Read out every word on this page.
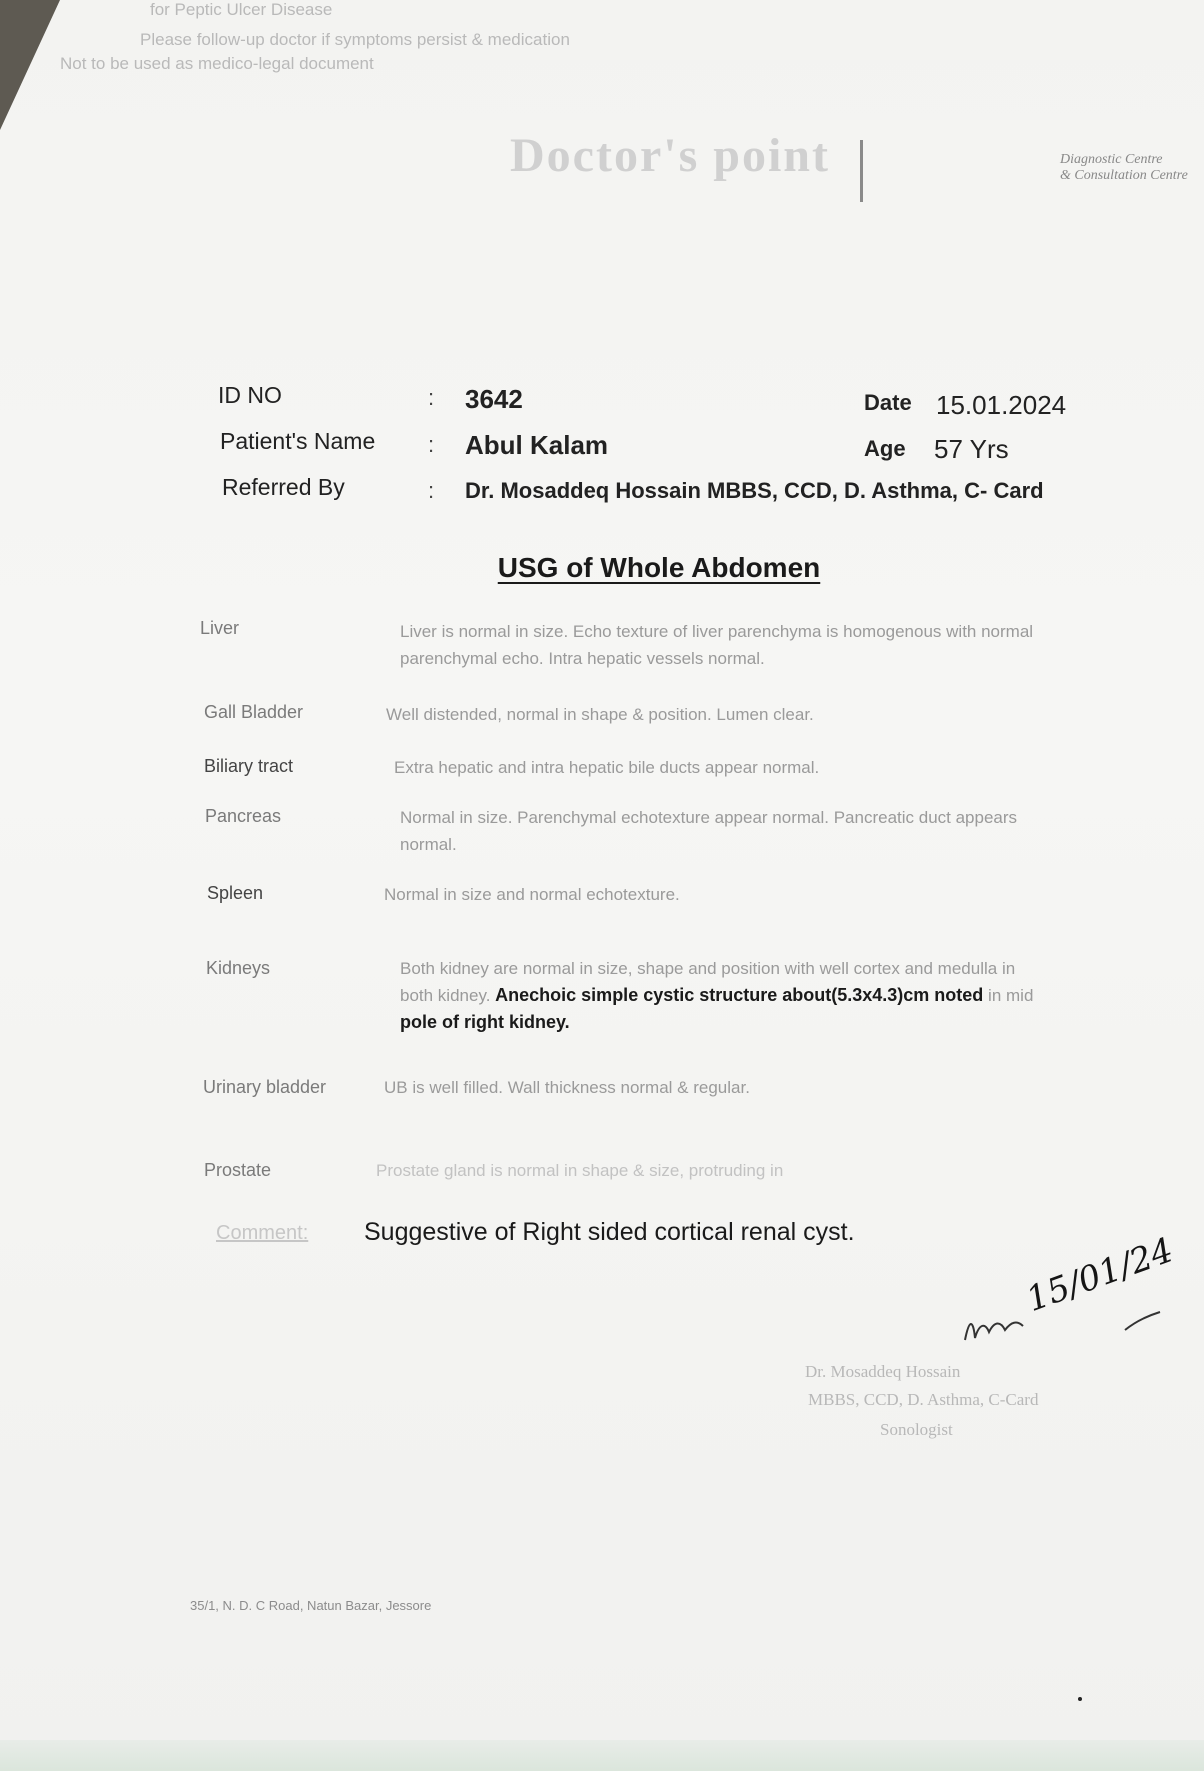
for Peptic Ulcer Disease
Please follow-up doctor if symptoms persist & medication
Not to be used as medico-legal document
Doctor's point	Diagnostic Centre
& Consultation Centre
ID NO	: 3642
Patient's Name : Abul Kalam
Referred By	: Dr. Mosaddeq Hossain MBBS, CCD, D. Asthma, C- Card
Date 15.01.2024
Age 57 Yrs
USG of Whole Abdomen
Liver	Liver is normal in size. Echo texture of liver parenchyma is homogenous with normal
parenchymal echo. Intra hepatic vessels normal.
Gall Bladder	Well distended, normal in shape & position. Lumen clear.
Biliary tract	Extra hepatic and intra hepatic bile ducts appear normal.
Pancreas	Normal in size. Parenchymal echotexture appear normal. Pancreatic duct appears
normal.
Spleen	Normal in size and normal echotexture.
Kidneys	Both kidney are normal in size, shape and position with well cortex and medulla in
both kidney. Anechoic simple cystic structure about(5.3x4.3)cm noted in mid
pole of right kidney.
Urinary bladder	UB is well filled. Wall thickness normal & regular.
Prostate	Prostate gland is normal in shape & size, protruding in
Comment: Suggestive of Right sided cortical renal cyst.	15/01/24
Dr. Mosaddeq Hossain
MBBS, CCD, D. Asthma, C-Card
Sonologist
35/1, N. D. C Road, Natun Bazar, Jessore
